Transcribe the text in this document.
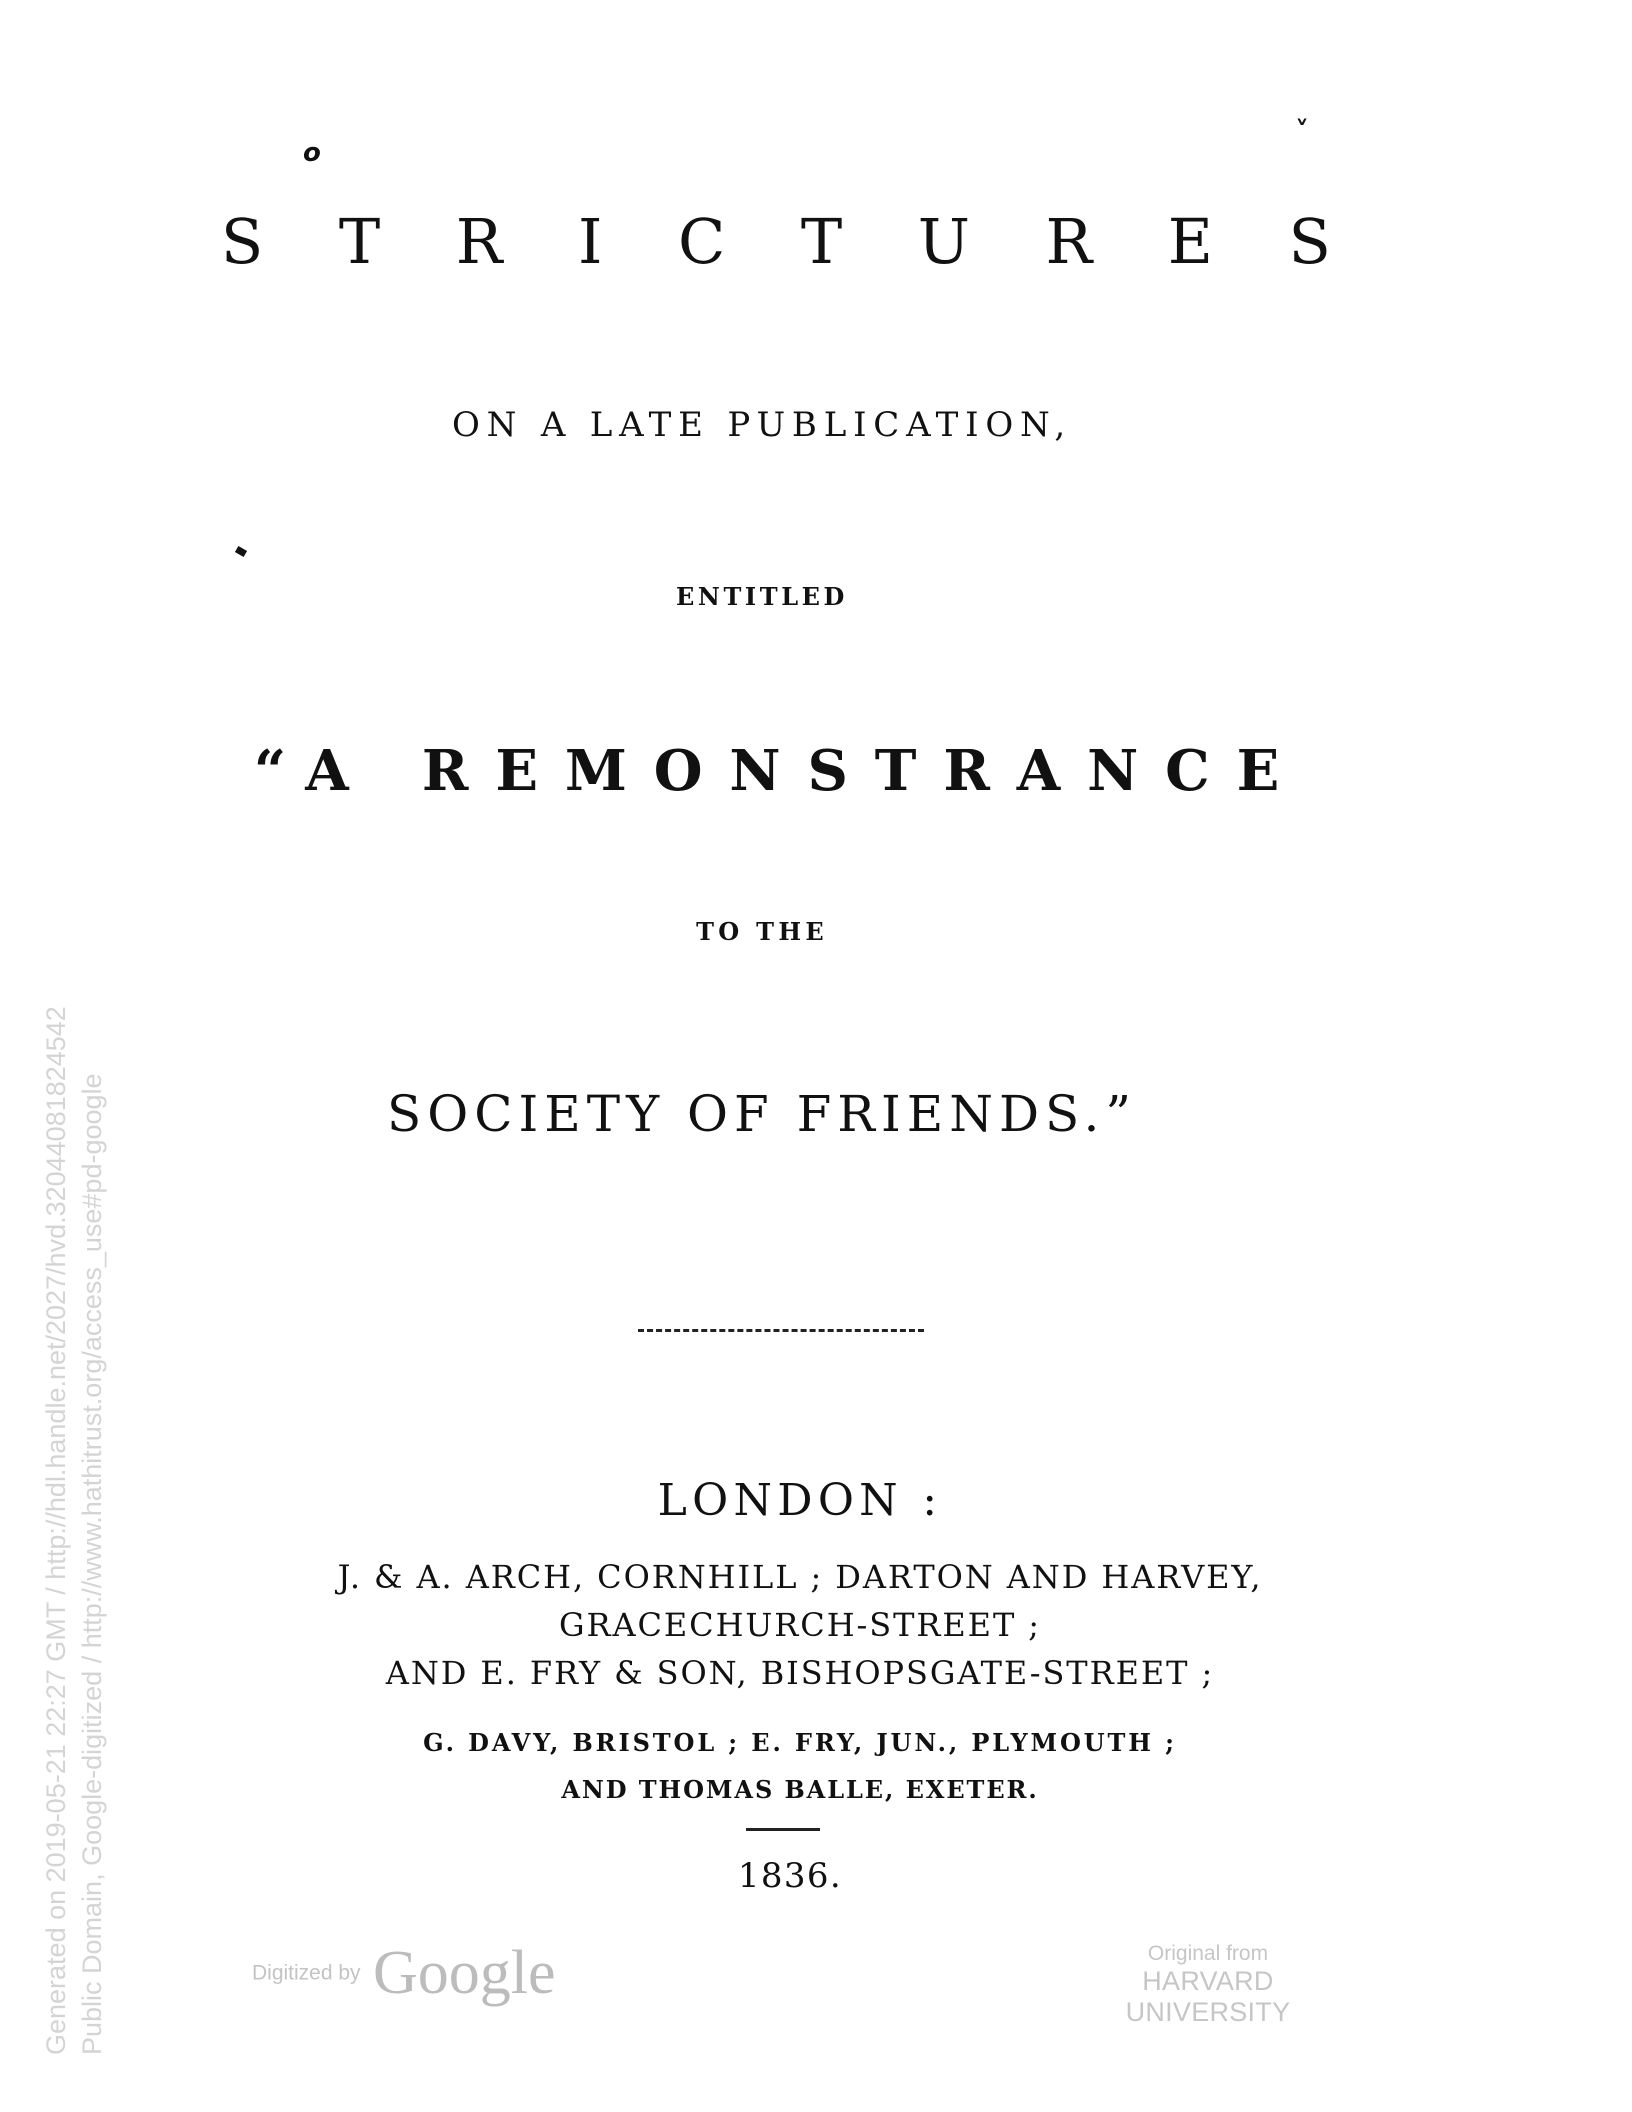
o
ˬ
S T R I C T U R E S
ON A LATE PUBLICATION,
ENTITLED
“A REMONSTRANCE
TO THE
SOCIETY OF FRIENDS.”
LONDON :
J. & A. ARCH, CORNHILL ; DARTON AND HARVEY,
GRACECHURCH-STREET ;
AND E. FRY & SON, BISHOPSGATE-STREET ;
G. DAVY, BRISTOL ; E. FRY, JUN., PLYMOUTH ;
AND THOMAS BALLE, EXETER.
1836.
Generated on 2019-05-21 22:27 GMT / http://hdl.handle.net/2027/hvd.32044081824542 Public Domain, Google-digitized / http://www.hathitrust.org/access_use#pd-google	Digitized by Google	Original from
HARVARD UNIVERSITY
